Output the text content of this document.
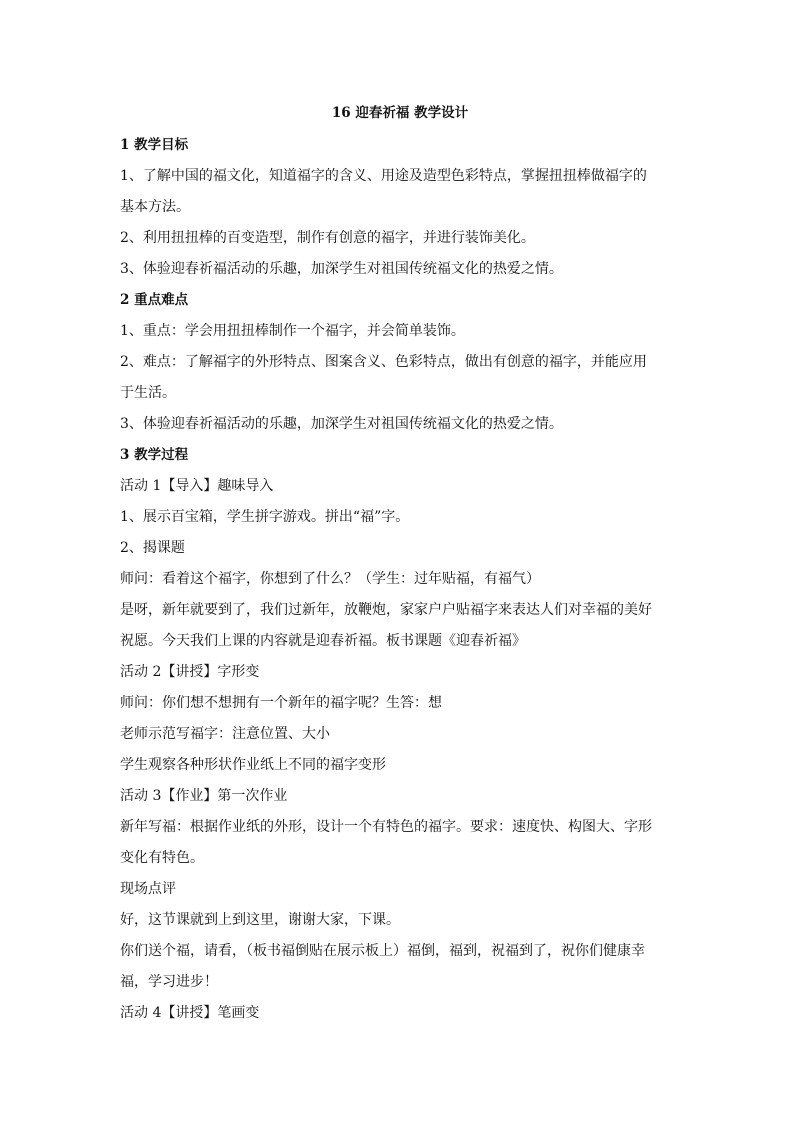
16 迎春祈福 教学设计
1 教学目标
1、了解中国的福文化，知道福字的含义、用途及造型色彩特点，掌握扭扭棒做福字的
基本方法。
2、利用扭扭棒的百变造型，制作有创意的福字，并进行装饰美化。
3、体验迎春祈福活动的乐趣，加深学生对祖国传统福文化的热爱之情。
2 重点难点
1、重点：学会用扭扭棒制作一个福字，并会简单装饰。
2、难点：了解福字的外形特点、图案含义、色彩特点，做出有创意的福字，并能应用
于生活。
3、体验迎春祈福活动的乐趣，加深学生对祖国传统福文化的热爱之情。
3 教学过程
活动 1【导入】趣味导入
1、展示百宝箱，学生拼字游戏。拼出“福”字。
2、揭课题
师问：看着这个福字，你想到了什么？（学生：过年贴福，有福气）
是呀，新年就要到了，我们过新年，放鞭炮，家家户户贴福字来表达人们对幸福的美好
祝愿。今天我们上课的内容就是迎春祈福。板书课题《迎春祈福》
活动 2【讲授】字形变
师问：你们想不想拥有一个新年的福字呢？生答：想
老师示范写福字：注意位置、大小
学生观察各种形状作业纸上不同的福字变形
活动 3【作业】第一次作业
新年写福：根据作业纸的外形，设计一个有特色的福字。要求：速度快、构图大、字形
变化有特色。
现场点评
好，这节课就到上到这里，谢谢大家，下课。
你们送个福，请看，（板书福倒贴在展示板上）福倒，福到，祝福到了，祝你们健康幸
福，学习进步！
活动 4【讲授】笔画变
